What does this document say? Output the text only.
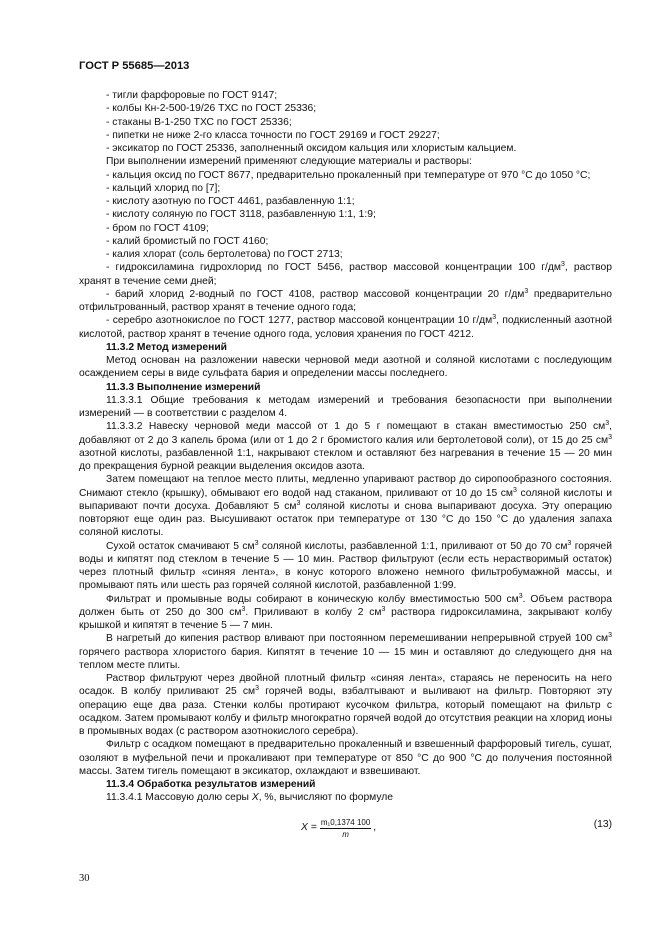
ГОСТ Р 55685—2013

- тигли фарфоровые по ГОСТ 9147;

- колбы Кн-2-500-19/26 ТХС по ГОСТ 25336;

- стаканы В-1-250 ТХС по ГОСТ 25336;

- пипетки не ниже 2-го класса точности по ГОСТ 29169 и ГОСТ 29227;

- эксикатор по ГОСТ 25336, заполненный оксидом кальция или хлористым кальцием.

При выполнении измерений применяют следующие материалы и растворы:

- кальция оксид по ГОСТ 8677, предварительно прокаленный при температуре от 970 °С до 1050 °С;

- кальций хлорид по [7];

- кислоту азотную по ГОСТ 4461, разбавленную 1:1;

- кислоту соляную по ГОСТ 3118, разбавленную 1:1, 1:9;

- бром по ГОСТ 4109;

- калий бромистый по ГОСТ 4160;

- калия хлорат (соль бертолетова) по ГОСТ 2713;

- гидроксиламина гидрохлорид по ГОСТ 5456, раствор массовой концентрации 100 $г/дм^3$, раствор хранят в течение семи дней;

- барий хлорид 2-водный по ГОСТ 4108, раствор массовой концентрации 20 $г/дм^3$ предварительно отфильтрованный, раствор хранят в течение одного года;

- серебро азотнокислое по ГОСТ 1277, раствор массовой концентрации 10 $г/дм^3$, подкисленный азотной кислотой, раствор хранят в течение одного года, условия хранения по ГОСТ 4212.

11.3.2 Метод измерений

Метод основан на разложении навески черновой меди азотной и соляной кислотами с последующим осаждением серы в виде сульфата бария и определении массы последнего.

11.3.3 Выполнение измерений

11.3.3.1 Общие требования к методам измерений и требования безопасности при выполнении измерений — в соответствии с разделом 4.

11.3.3.2 Навеску черновой меди массой от 1 до 5 г помещают в стакан вместимостью 250 $см^3$, добавляют от 2 до 3 капель брома (или от 1 до 2 г бромистого калия или бертолетовой соли), от 15 до 25 $см^3$ азотной кислоты, разбавленной 1:1, накрывают стеклом и оставляют без нагревания в течение 15 — 20 мин до прекращения бурной реакции выделения оксидов азота.

Затем помещают на теплое место плиты, медленно упаривают раствор до сиропообразного состояния. Снимают стекло (крышку), обмывают его водой над стаканом, приливают от 10 до 15 $см^3$ соляной кислоты и выпаривают почти досуха. Добавляют 5 $см^3$ соляной кислоты и снова выпаривают досуха. Эту операцию повторяют еще один раз. Высушивают остаток при температуре от 130 °С до 150 °С до удаления запаха соляной кислоты.

Сухой остаток смачивают 5 $см^3$ соляной кислоты, разбавленной 1:1, приливают от 50 до 70 $см^3$ горячей воды и кипятят под стеклом в течение 5 — 10 мин. Раствор фильтруют (если есть нерастворимый остаток) через плотный фильтр «синяя лента», в конус которого вложено немного фильтробумажной массы, и промывают пять или шесть раз горячей соляной кислотой, разбавленной 1:99.

Фильтрат и промывные воды собирают в коническую колбу вместимостью 500 $см^3$. Объем раствора должен быть от 250 до 300 $см^3$. Приливают в колбу 2 $см^3$ раствора гидроксиламина, закрывают колбу крышкой и кипятят в течение 5 — 7 мин.

В нагретый до кипения раствор вливают при постоянном перемешивании непрерывной струей 100 $см^3$ горячего раствора хлористого бария. Кипятят в течение 10 — 15 мин и оставляют до следующего дня на теплом месте плиты.

Раствор фильтруют через двойной плотный фильтр «синяя лента», стараясь не переносить на него осадок. В колбу приливают 25 $см^3$ горячей воды, взбалтывают и выливают на фильтр. Повторяют эту операцию еще два раза. Стенки колбы протирают кусочком фильтра, который помещают на фильтр с осадком. Затем промывают колбу и фильтр многократно горячей водой до отсутствия реакции на хлорид ионы в промывных водах (с раствором азотнокислого серебра).

Фильтр с осадком помещают в предварительно прокаленный и взвешенный фарфоровый тигель, сушат, озоляют в муфельной печи и прокаливают при температуре от 850 °С до 900 °С до получения постоянной массы. Затем тигель помещают в эксикатор, охлаждают и взвешивают.

11.3.4 Обработка результатов измерений

11.3.4.1 Массовую долю серы X, %, вычисляют по формуле

$X = \frac{\text{m₁0,1374 100}}{m}$ ,	(13)
30
